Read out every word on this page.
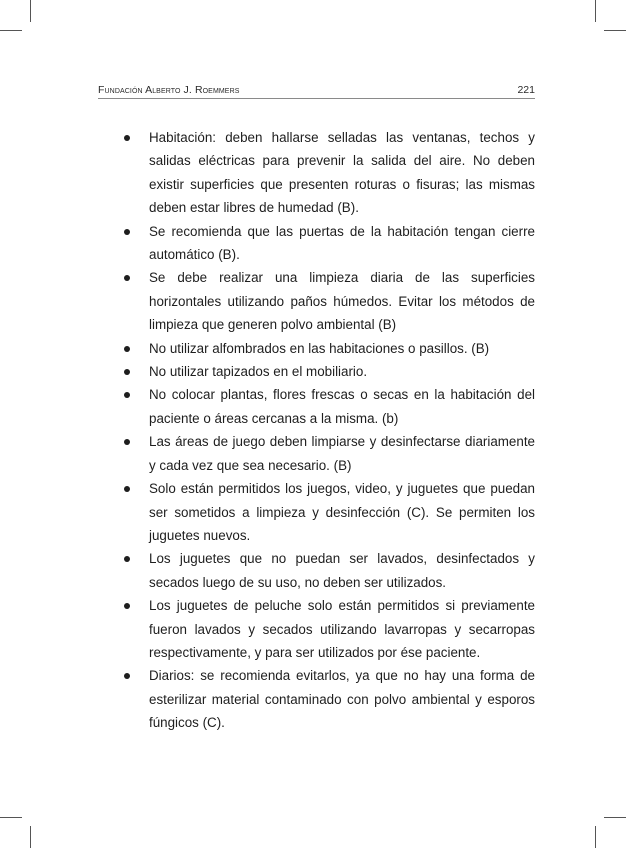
Fundación Alberto J. Roemmers	221
Habitación: deben hallarse selladas las ventanas, techos y salidas eléctricas para prevenir la salida del aire. No deben existir superficies que presenten roturas o fisuras; las mismas deben estar libres de humedad (B).
Se recomienda que las puertas de la habitación tengan cierre automático (B).
Se debe realizar una limpieza diaria de las superficies horizontales utilizando paños húmedos. Evitar los métodos de limpieza que generen polvo ambiental (B)
No utilizar alfombrados en las habitaciones o pasillos. (B)
No utilizar tapizados en el mobiliario.
No colocar plantas, flores frescas o secas en la habitación del paciente o áreas cercanas a la misma. (b)
Las áreas de juego deben limpiarse y desinfectarse diariamente y cada vez que sea necesario. (B)
Solo están permitidos los juegos, video, y juguetes que puedan ser sometidos a limpieza y desinfección (C). Se permiten los juguetes nuevos.
Los juguetes que no puedan ser lavados, desinfectados y secados luego de su uso, no deben ser utilizados.
Los juguetes de peluche solo están permitidos si previamente fueron lavados y secados utilizando lavarropas y secarropas respectivamente, y para ser utilizados por ése paciente.
Diarios: se recomienda evitarlos, ya que no hay una forma de esterilizar material contaminado con polvo ambiental y esporos fúngicos (C).
